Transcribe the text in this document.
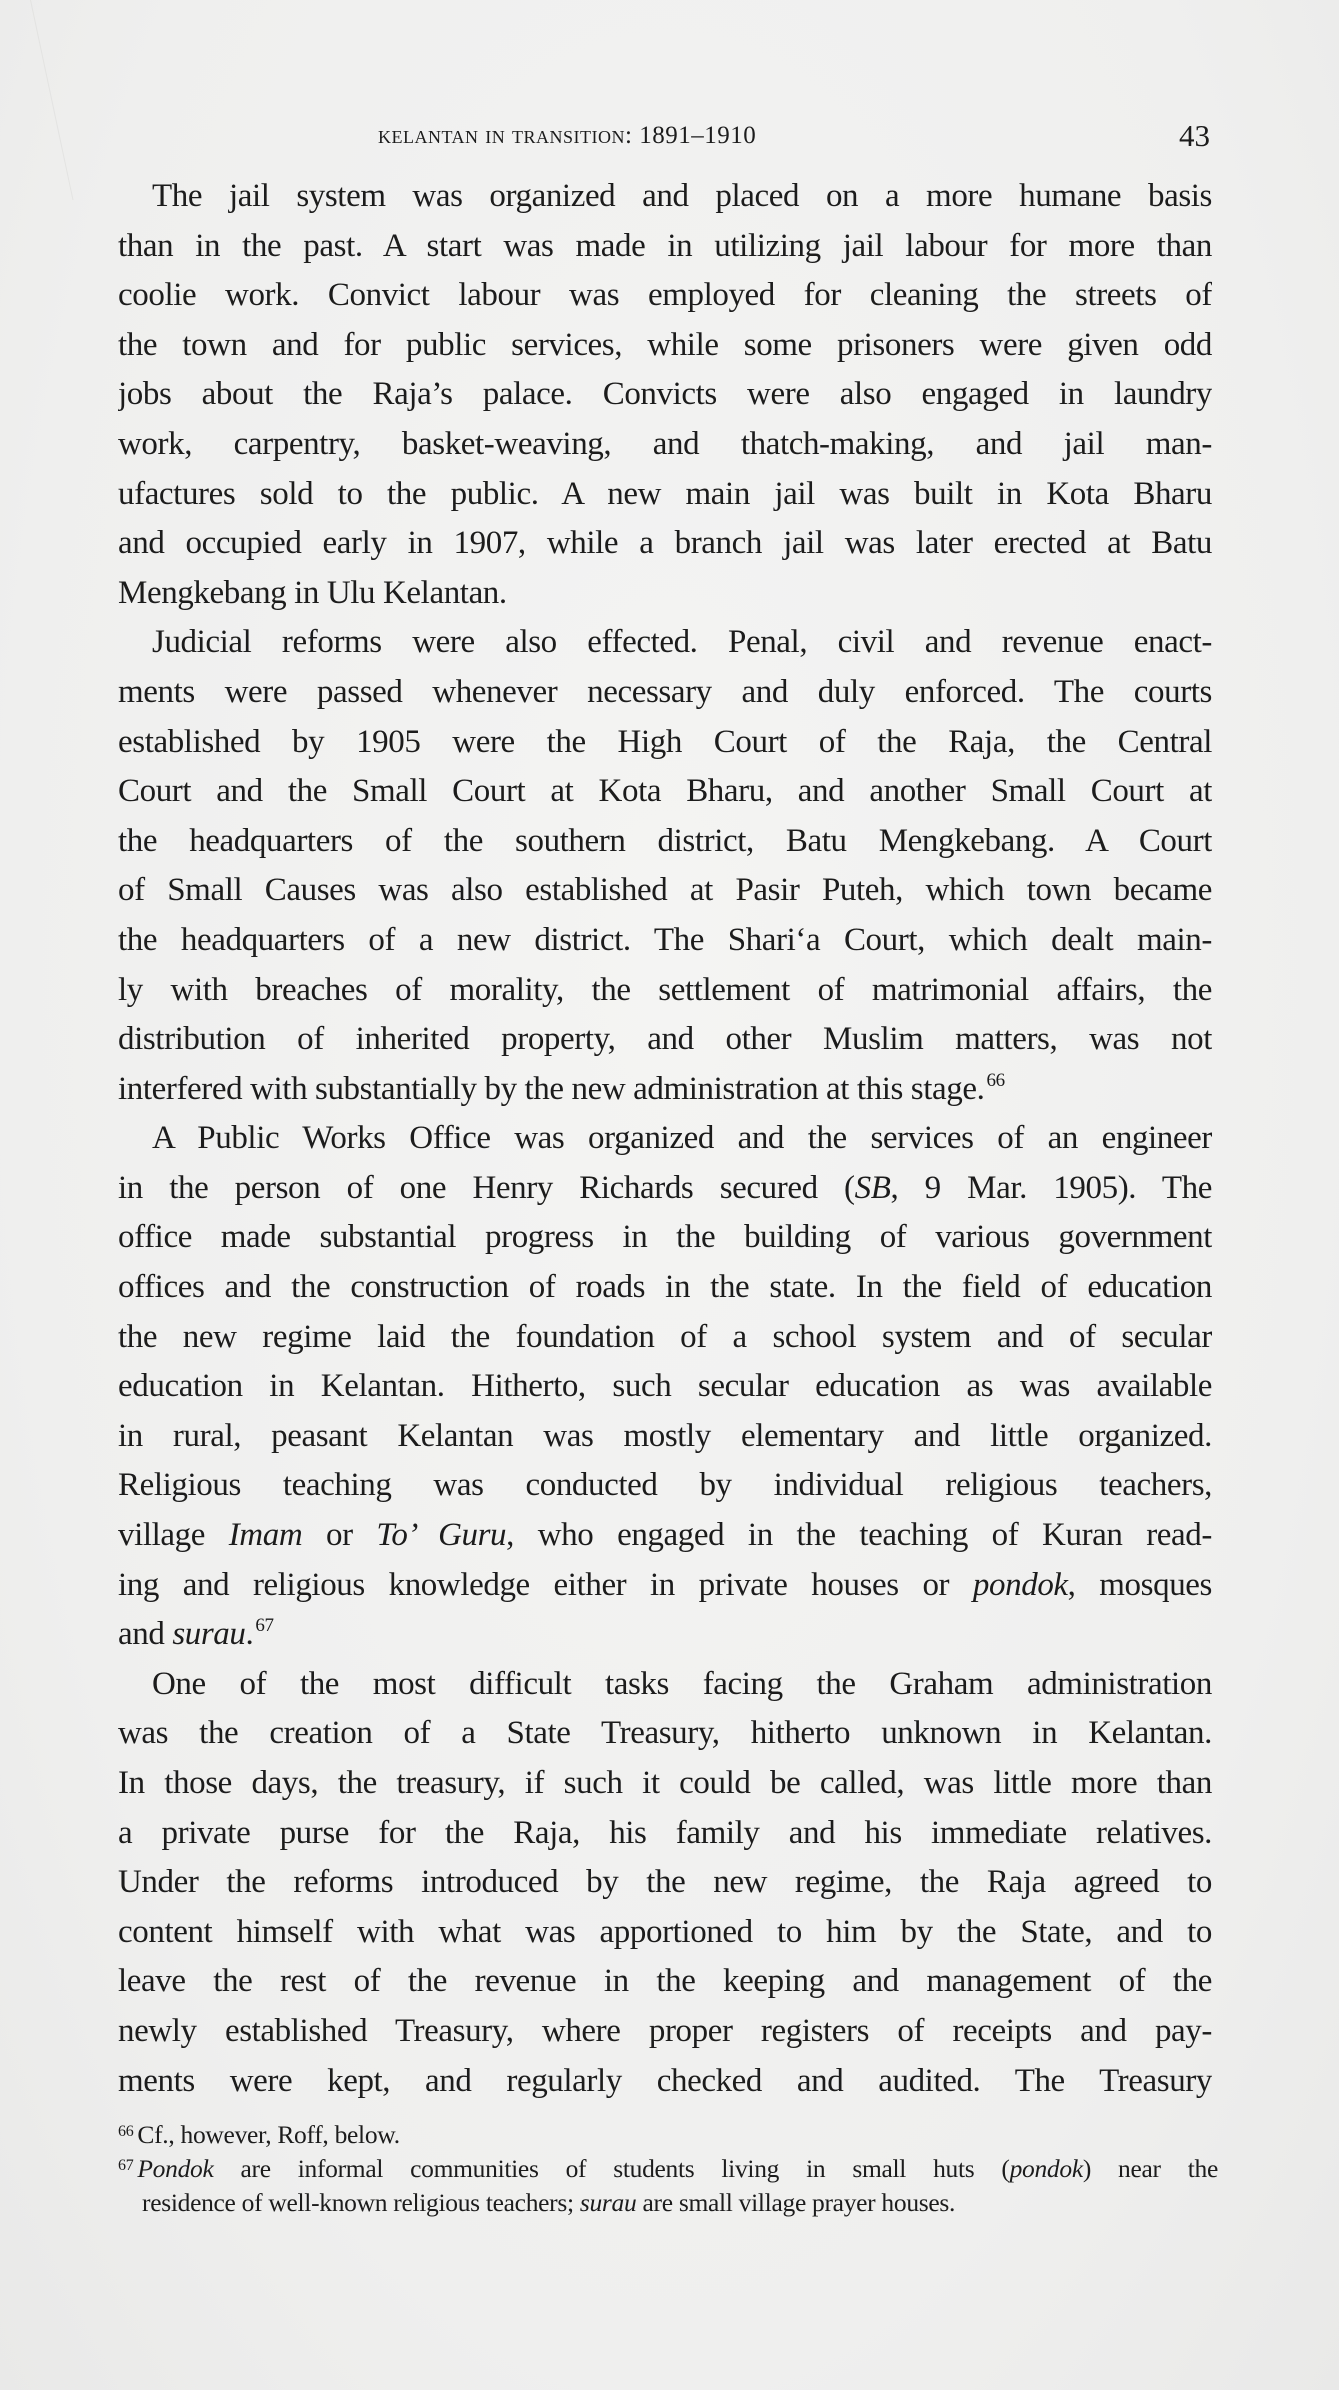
kelantan in transition: 1891–1910	43
The jail system was organized and placed on a more humane basis
than in the past. A start was made in utilizing jail labour for more than
coolie work. Convict labour was employed for cleaning the streets of
the town and for public services, while some prisoners were given odd
jobs about the Raja’s palace. Convicts were also engaged in laundry
work, carpentry, basket-weaving, and thatch-making, and jail man-
ufactures sold to the public. A new main jail was built in Kota Bharu
and occupied early in 1907, while a branch jail was later erected at Batu
Mengkebang in Ulu Kelantan.
Judicial reforms were also effected. Penal, civil and revenue enact-
ments were passed whenever necessary and duly enforced. The courts
established by 1905 were the High Court of the Raja, the Central
Court and the Small Court at Kota Bharu, and another Small Court at
the headquarters of the southern district, Batu Mengkebang. A Court
of Small Causes was also established at Pasir Puteh, which town became
the headquarters of a new district. The Shari‘a Court, which dealt main-
ly with breaches of morality, the settlement of matrimonial affairs, the
distribution of inherited property, and other Muslim matters, was not
interfered with substantially by the new administration at this stage. $^{66}$
A Public Works Office was organized and the services of an engineer
in the person of one Henry Richards secured (SB, 9 Mar. 1905). The
office made substantial progress in the building of various government
offices and the construction of roads in the state. In the field of education
the new regime laid the foundation of a school system and of secular
education in Kelantan. Hitherto, such secular education as was available
in rural, peasant Kelantan was mostly elementary and little organized.
Religious teaching was conducted by individual religious teachers,
village Imam or To’ Guru, who engaged in the teaching of Kuran read-
ing and religious knowledge either in private houses or pondok, mosques
and surau. $^{67}$
One of the most difficult tasks facing the Graham administration
was the creation of a State Treasury, hitherto unknown in Kelantan.
In those days, the treasury, if such it could be called, was little more than
a private purse for the Raja, his family and his immediate relatives.
Under the reforms introduced by the new regime, the Raja agreed to
content himself with what was apportioned to him by the State, and to
leave the rest of the revenue in the keeping and management of the
newly established Treasury, where proper registers of receipts and pay-
ments were kept, and regularly checked and audited. The Treasury
$^{66}$ Cf., however, Roff, below.
$^{67}$ Pondok are informal communities of students living in small huts (pondok) near the
residence of well-known religious teachers; surau are small village prayer houses.
